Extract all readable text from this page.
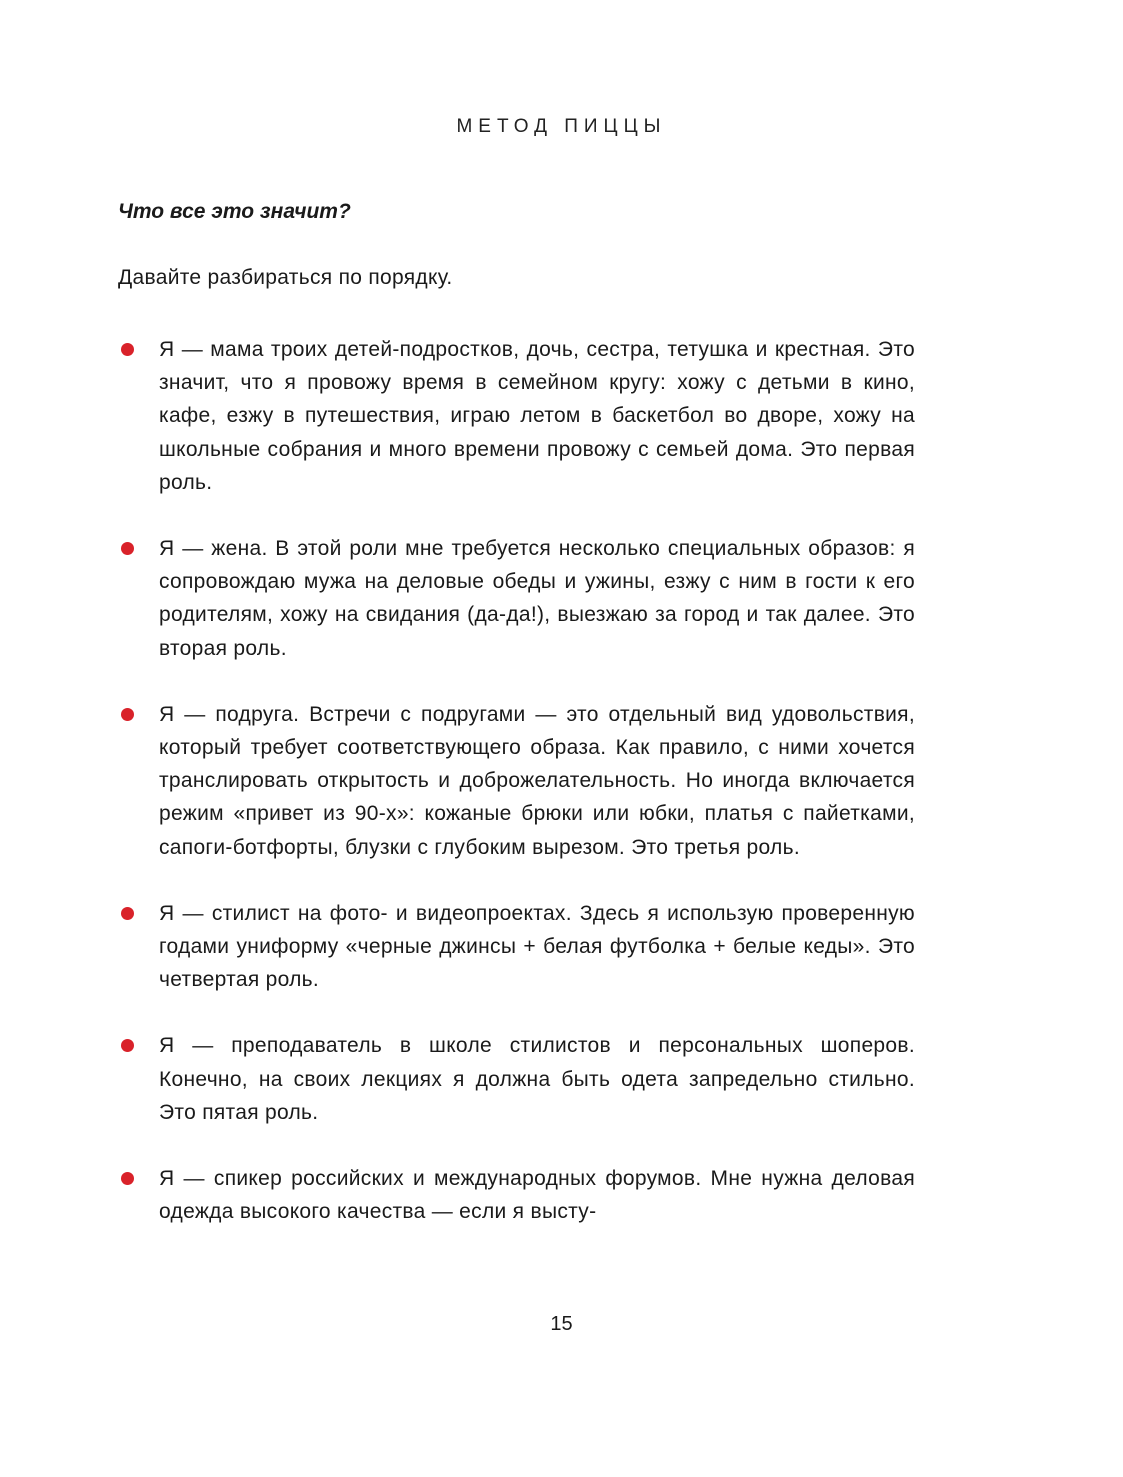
МЕТОД ПИЦЦЫ
Что все это значит?
Давайте разбираться по порядку.
Я — мама троих детей-подростков, дочь, сестра, тетушка и крестная. Это значит, что я провожу время в семейном кругу: хожу с детьми в кино, кафе, езжу в путешествия, играю летом в баскетбол во дворе, хожу на школьные собрания и много времени провожу с семьей дома. Это первая роль.
Я — жена. В этой роли мне требуется несколько специальных образов: я сопровождаю мужа на деловые обеды и ужины, езжу с ним в гости к его родителям, хожу на свидания (да-да!), выезжаю за город и так далее. Это вторая роль.
Я — подруга. Встречи с подругами — это отдельный вид удовольствия, который требует соответствующего образа. Как правило, с ними хочется транслировать открытость и доброжелательность. Но иногда включается режим «привет из 90-х»: кожаные брюки или юбки, платья с пайетками, сапоги-ботфорты, блузки с глубоким вырезом. Это третья роль.
Я — стилист на фото- и видеопроектах. Здесь я использую проверенную годами униформу «черные джинсы + белая футболка + белые кеды». Это четвертая роль.
Я — преподаватель в школе стилистов и персональных шоперов. Конечно, на своих лекциях я должна быть одета запредельно стильно. Это пятая роль.
Я — спикер российских и международных форумов. Мне нужна деловая одежда высокого качества — если я высту-
15
